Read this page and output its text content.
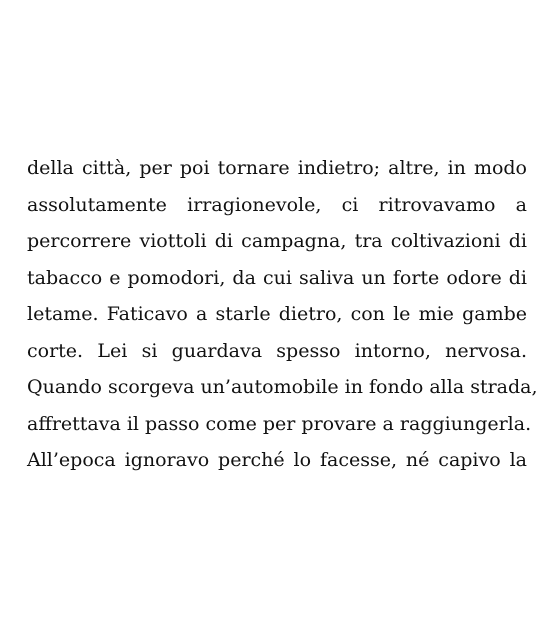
della città, per poi tornare indietro; altre, in modo
assolutamente irragionevole, ci ritrovavamo a
percorrere viottoli di campagna, tra coltivazioni di
tabacco e pomodori, da cui saliva un forte odore di
letame. Faticavo a starle dietro, con le mie gambe
corte. Lei si guardava spesso intorno, nervosa.
Quando scorgeva un’automobile in fondo alla strada,
affrettava il passo come per provare a raggiungerla.
All’epoca ignoravo perché lo facesse, né capivo la
